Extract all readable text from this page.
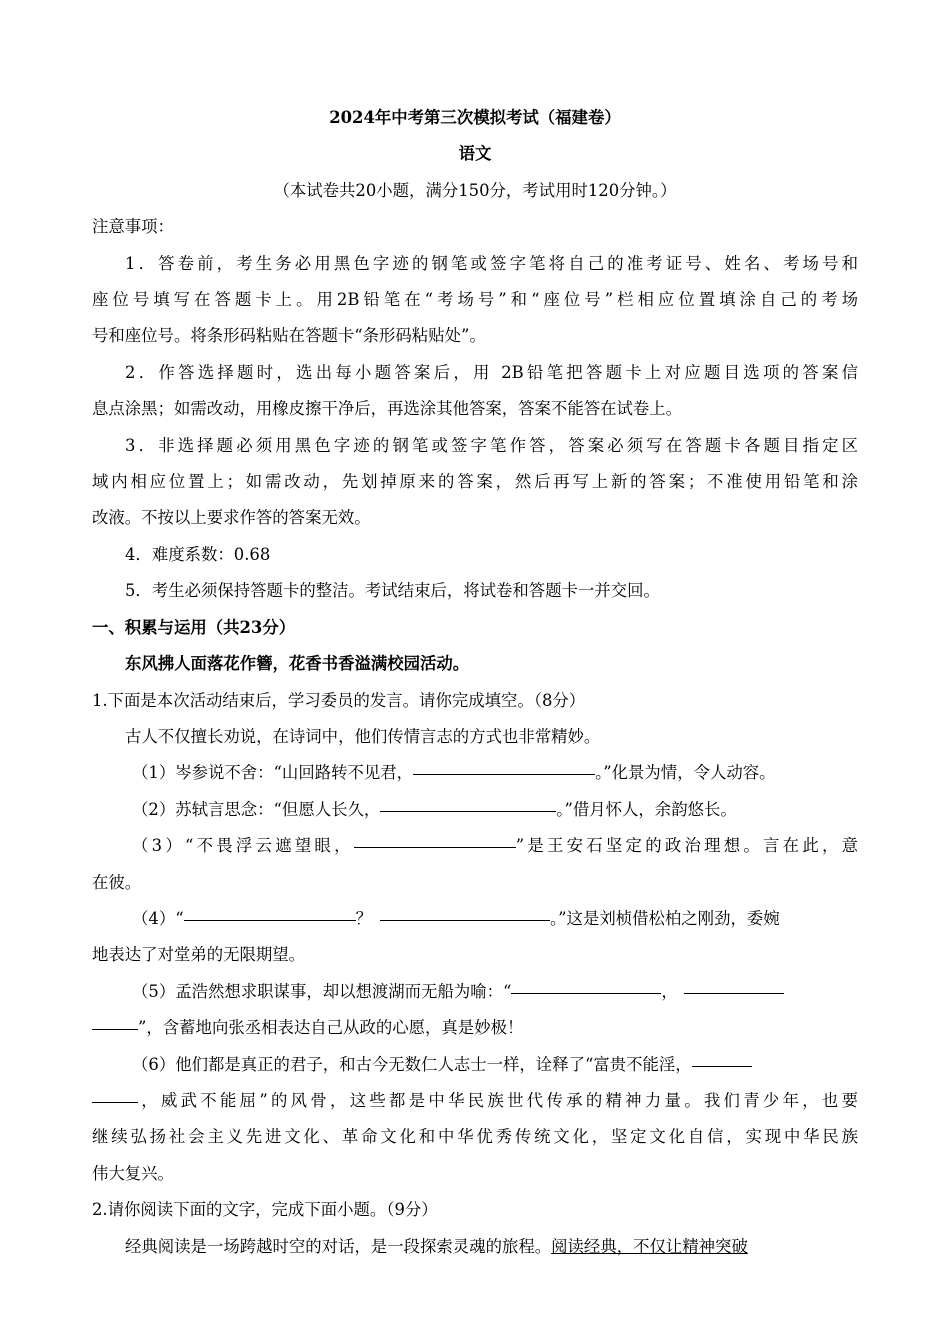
2024年中考第三次模拟考试（福建卷）
语文
（本试卷共20小题，满分150分，考试用时120分钟。）
注意事项：
1．答卷前，考生务必用黑色字迹的钢笔或签字笔将自己的准考证号、姓名、考场号和
座位号填写在答题卡上。用2B铅笔在“考场号”和“座位号”栏相应位置填涂自己的考场
号和座位号。将条形码粘贴在答题卡“条形码粘贴处”。
2．作答选择题时，选出每小题答案后，用 2B铅笔把答题卡上对应题目选项的答案信
息点涂黑；如需改动，用橡皮擦干净后，再选涂其他答案，答案不能答在试卷上。
3．非选择题必须用黑色字迹的钢笔或签字笔作答，答案必须写在答题卡各题目指定区
域内相应位置上；如需改动，先划掉原来的答案，然后再写上新的答案；不准使用铅笔和涂
改液。不按以上要求作答的答案无效。
4．难度系数：0.68
5．考生必须保持答题卡的整洁。考试结束后，将试卷和答题卡一并交回。
一、积累与运用（共23分）
东风拂人面落花作簪，花香书香溢满校园活动。
1.下面是本次活动结束后，学习委员的发言。请你完成填空。（8分）
古人不仅擅长劝说，在诗词中，他们传情言志的方式也非常精妙。
（1）岑参说不舍：“山回路转不见君，	。”化景为情，令人动容。
（2）苏轼言思念：“但愿人长久，	。”借月怀人，余韵悠长。
（3）“不畏浮云遮望眼，	”是王安石坚定的政治理想。言在此，意
在彼。
（4）“	？	。”这是刘桢借松柏之刚劲，委婉
地表达了对堂弟的无限期望。
（5）孟浩然想求职谋事，却以想渡湖而无船为喻：“	，
”，含蓄地向张丞相表达自己从政的心愿，真是妙极！
（6）他们都是真正的君子，和古今无数仁人志士一样，诠释了“富贵不能淫，
，威武不能屈”的风骨，这些都是中华民族世代传承的精神力量。我们青少年，也要
继续弘扬社会主义先进文化、革命文化和中华优秀传统文化，坚定文化自信，实现中华民族
伟大复兴。
2.请你阅读下面的文字，完成下面小题。（9分）
经典阅读是一场跨越时空的对话，是一段探索灵魂的旅程。阅读经典，不仅让精神突破
